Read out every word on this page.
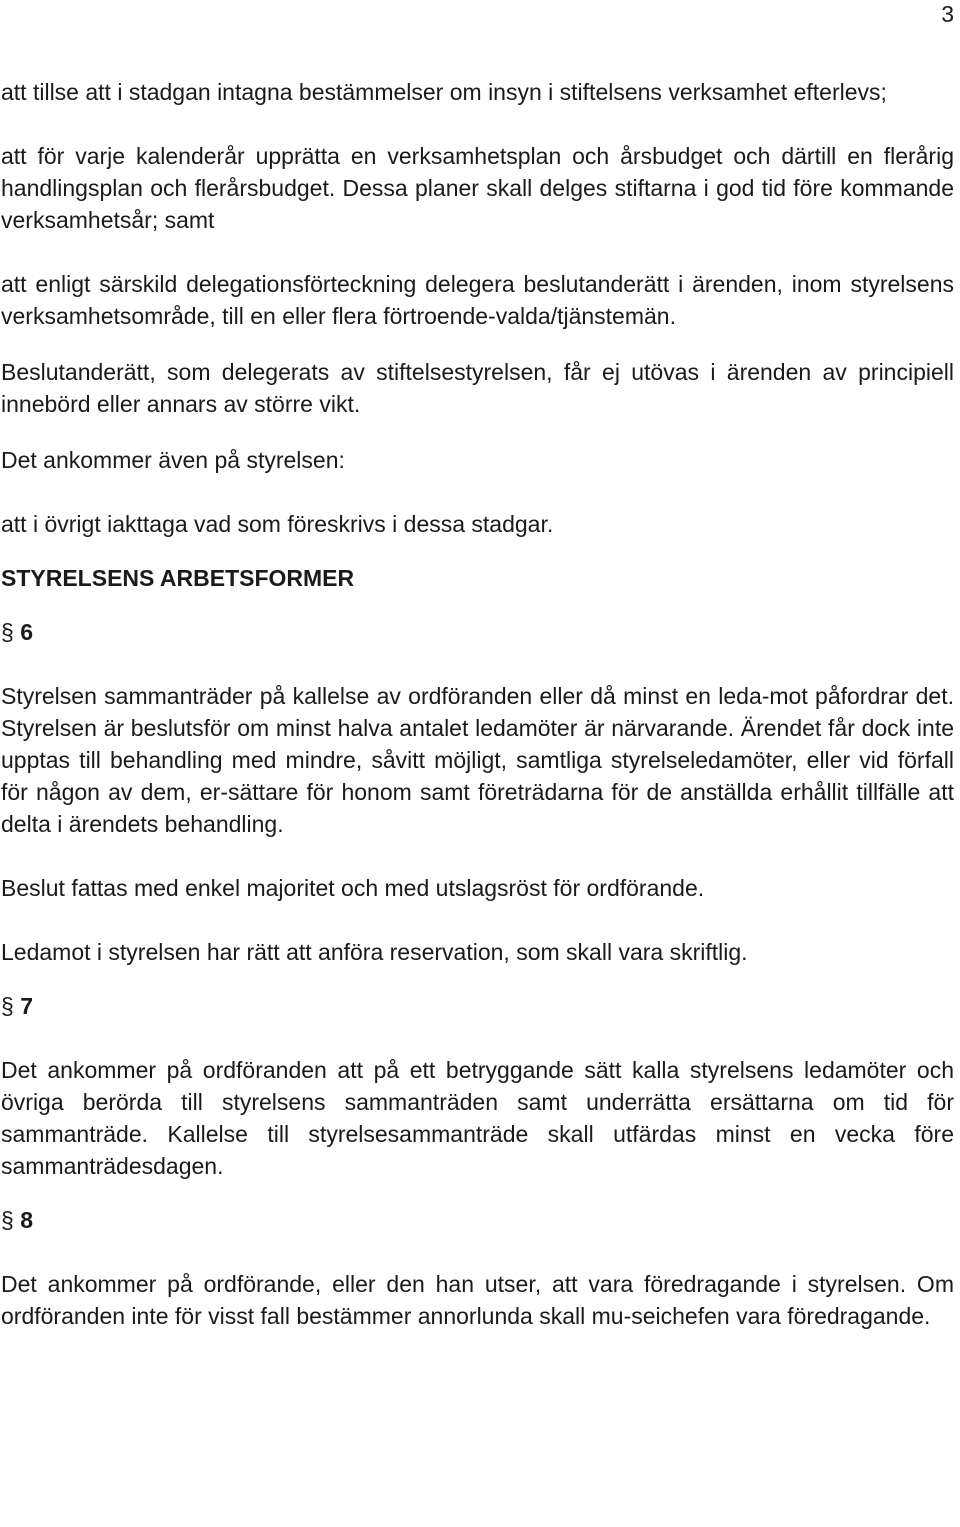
3

att tillse att i stadgan intagna bestämmelser om insyn i stiftelsens verksamhet efterlevs;

att för varje kalenderår upprätta en verksamhetsplan och årsbudget och därtill en flerårig handlingsplan och flerårsbudget. Dessa planer skall delges stiftarna i god tid före kommande verksamhetsår; samt

att enligt särskild delegationsförteckning delegera beslutanderätt i ärenden, inom styrelsens verksamhetsområde, till en eller flera förtroende-valda/tjänstemän.

Beslutanderätt, som delegerats av stiftelsestyrelsen, får ej utövas i ärenden av principiell innebörd eller annars av större vikt.

Det ankommer även på styrelsen:

att i övrigt iakttaga vad som föreskrivs i dessa stadgar.

STYRELSENS ARBETSFORMER

§ 6

Styrelsen sammanträder på kallelse av ordföranden eller då minst en leda-mot påfordrar det. Styrelsen är beslutsför om minst halva antalet ledamöter är närvarande. Ärendet får dock inte upptas till behandling med mindre, såvitt möjligt, samtliga styrelseledamöter, eller vid förfall för någon av dem, er-sättare för honom samt företrädarna för de anställda erhållit tillfälle att delta i ärendets behandling.

Beslut fattas med enkel majoritet och med utslagsröst för ordförande.

Ledamot i styrelsen har rätt att anföra reservation, som skall vara skriftlig.

§ 7

Det ankommer på ordföranden att på ett betryggande sätt kalla styrelsens ledamöter och övriga berörda till styrelsens sammanträden samt underrätta ersättarna om tid för sammanträde. Kallelse till styrelsesammanträde skall utfärdas minst en vecka före sammanträdesdagen.

§ 8

Det ankommer på ordförande, eller den han utser, att vara föredragande i styrelsen. Om ordföranden inte för visst fall bestämmer annorlunda skall mu-seichefen vara föredragande.
